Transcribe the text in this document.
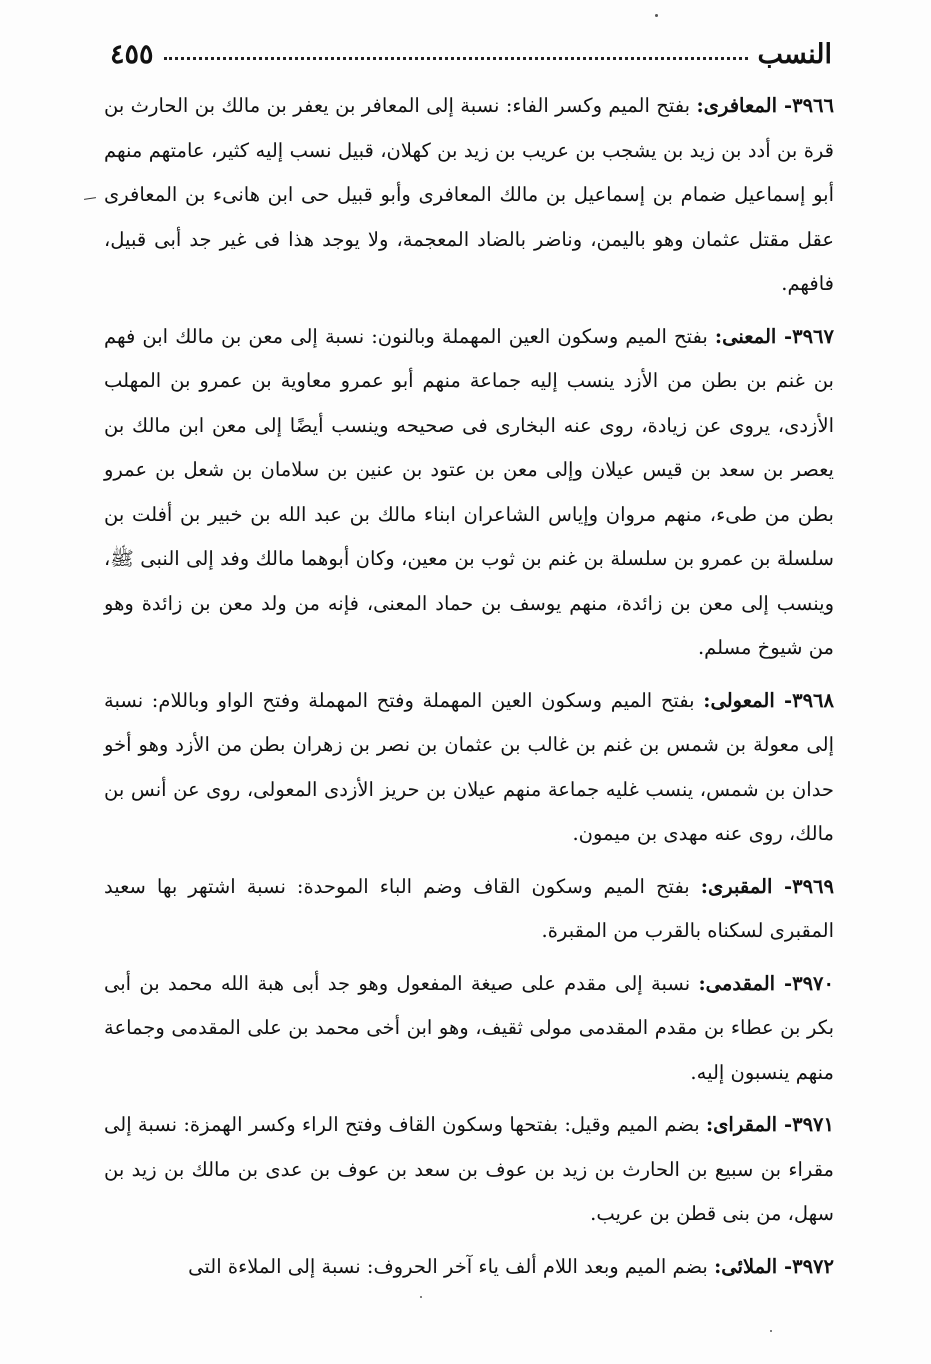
النسب
٤٥٥

٣٩٦٦- المعافرى: بفتح الميم وكسر الفاء: نسبة إلى المعافر بن يعفر بن مالك بن الحارث بن قرة بن أدد بن زيد بن يشجب بن عريب بن زيد بن كهلان، قبيل نسب إليه كثير، عامتهم منهم أبو إسماعيل ضمام بن إسماعيل بن مالك المعافرى وأبو قبيل حى ابن هانىء بن المعافرى عقل مقتل عثمان وهو باليمن، وناضر بالضاد المعجمة، ولا يوجد هذا فى غير جد أبى قبيل، فافهم.

٣٩٦٧- المعنى: بفتح الميم وسكون العين المهملة وبالنون: نسبة إلى معن بن مالك ابن فهم بن غنم بن بطن من الأزد ينسب إليه جماعة منهم أبو عمرو معاوية بن عمرو بن المهلب الأزدى، يروى عن زيادة، روى عنه البخارى فى صحيحه وينسب أيضًا إلى معن ابن مالك بن يعصر بن سعد بن قيس عيلان وإلى معن بن عتود بن عنين بن سلامان بن شعل بن عمرو بطن من طىء، منهم مروان وإياس الشاعران ابناء مالك بن عبد الله بن خبير بن أفلت بن سلسلة بن عمرو بن سلسلة بن غنم بن ثوب بن معين، وكان أبوهما مالك وفد إلى النبى ﷺ، وينسب إلى معن بن زائدة، منهم يوسف بن حماد المعنى، فإنه من ولد معن بن زائدة وهو من شيوخ مسلم.

٣٩٦٨- المعولى: بفتح الميم وسكون العين المهملة وفتح المهملة وفتح الواو وباللام: نسبة إلى معولة بن شمس بن غنم بن غالب بن عثمان بن نصر بن زهران بطن من الأزد وهو أخو حدان بن شمس، ينسب غليه جماعة منهم عيلان بن حريز الأزدى المعولى، روى عن أنس بن مالك، روى عنه مهدى بن ميمون.

٣٩٦٩- المقبرى: بفتح الميم وسكون القاف وضم الباء الموحدة: نسبة اشتهر بها سعيد المقبرى لسكناه بالقرب من المقبرة.

٣٩٧٠- المقدمى: نسبة إلى مقدم على صيغة المفعول وهو جد أبى هبة الله محمد بن أبى بكر بن عطاء بن مقدم المقدمى مولى ثقيف، وهو ابن أخى محمد بن على المقدمى وجماعة منهم ينسبون إليه.

٣٩٧١- المقراى: بضم الميم وقيل: بفتحها وسكون القاف وفتح الراء وكسر الهمزة: نسبة إلى مقراء بن سبيع بن الحارث بن زيد بن عوف بن سعد بن عوف بن عدى بن مالك بن زيد بن سهل، من بنى قطن بن عريب.

٣٩٧٢- الملائى: بضم الميم وبعد اللام ألف ياء آخر الحروف: نسبة إلى الملاءة التى
